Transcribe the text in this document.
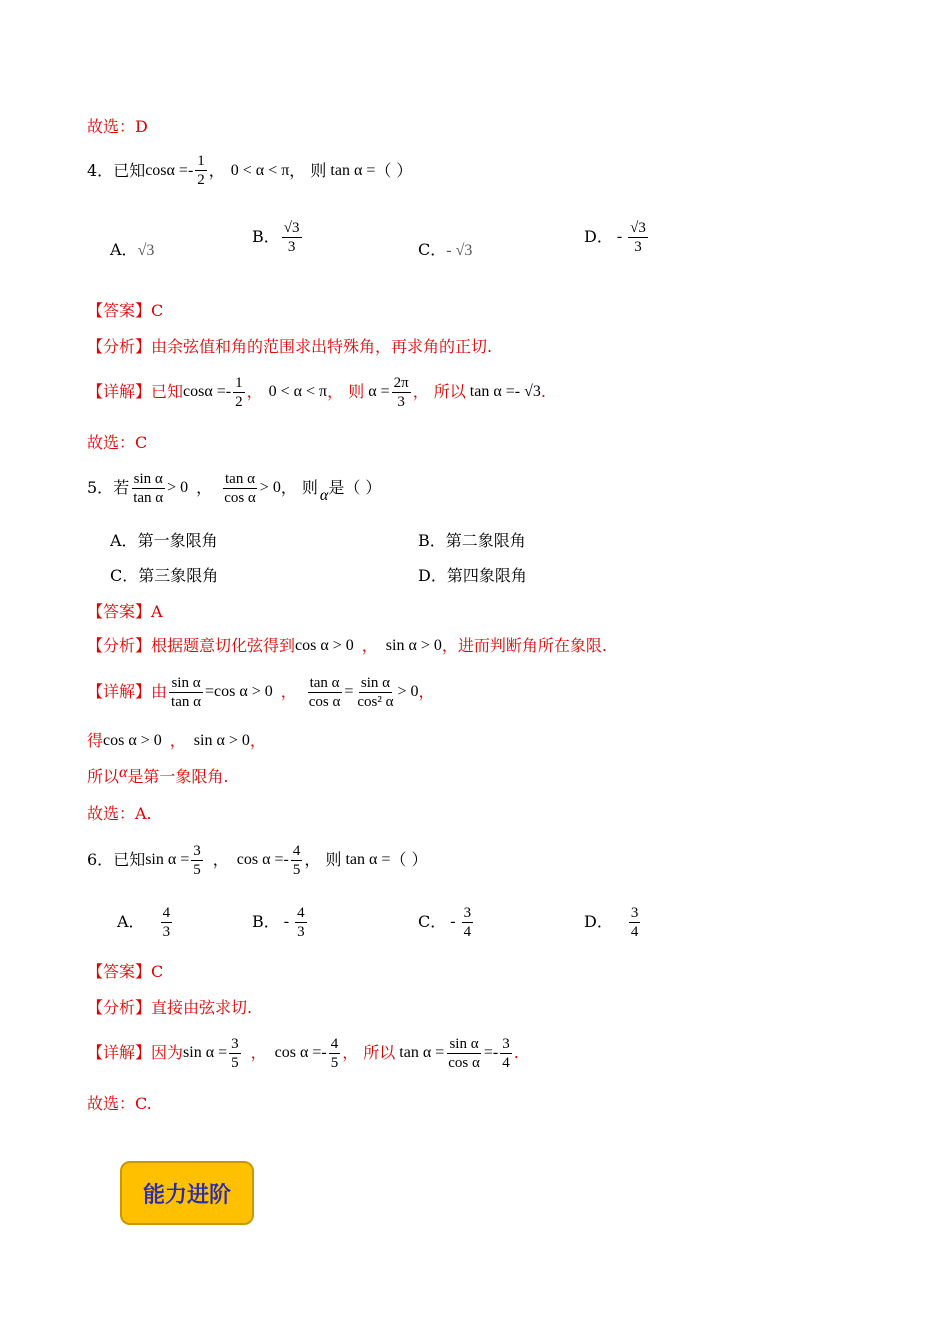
故选：D
4． 已知 $\cos\alpha =- \frac{1}{2}$ ， 0 < α < π ， 则 tan α = （ ）
A．√3
B． $\frac{√3}{3}$	C．- √3
D． - $\frac{√3}{3}$
【答案】C
【分析】由余弦值和角的范围求出特殊角，再求角的正切.
【详解】 已知 $\cos\alpha =- \frac{1}{2}$ ， 0 < α < π ， 则 $\alpha = \frac{2\pi}{3}$ ， 所以 tan α =- √3 .
故选：C
5． 若 $\frac{\text{sin α}}{\text{tan α}} > 0$ ， $\frac{\text{tan α}}{\text{cos α}} > 0$ ， 则 α 是（ ）
A．第一象限角	B．第二象限角
C．第三象限角	D．第四象限角
【答案】A
【分析】 根据题意切化弦得到 cos α > 0 ， sin α > 0 ，进而判断角所在象限.
【详解】 由 $\frac{\text{sin α}}{\text{tan α}} =\cos$ α > 0 ， $\frac{\text{tan α}}{\text{cos α}} = \frac{\text{sin α}}{\text{cos² α}} > 0$ ，
得 cos α > 0 ， sin α > 0 ，
所以 α 是第一象限角.
故选：A.
6． 已知 $\sin \alpha = \frac{3}{5}$ ， $\cos \alpha =- \frac{4}{5}$ ， 则 tan α = （ ）
A． $\frac{4}{3}$	B． - $\frac{4}{3}$	C． - $\frac{3}{4}$	D． $\frac{3}{4}$
【答案】C
【分析】直接由弦求切.
【详解】 因为 $\sin \alpha = \frac{3}{5}$ ， $\cos \alpha =- \frac{4}{5}$ ， 所以 $\tan \alpha = \frac{\text{sin α}}{\text{cos α}} =- \frac{3}{4}$ .
故选：C.
能力进阶
